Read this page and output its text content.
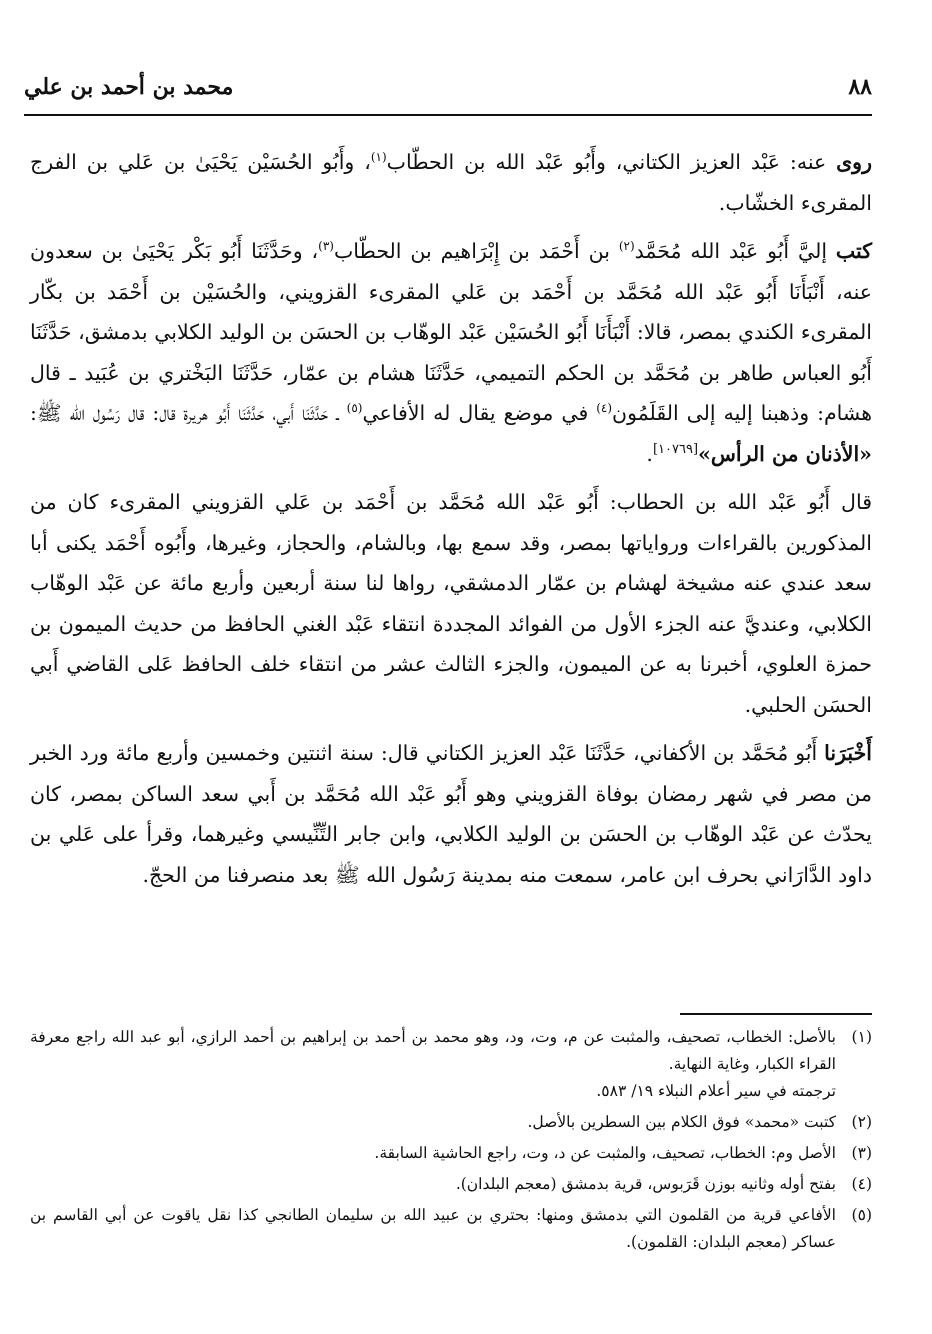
٨٨
محمد بن أحمد بن علي

روى عنه: عَبْد العزيز الكتاني، وأَبُو عَبْد الله بن الحطّاب$^{(١)}$، وأَبُو الحُسَيْن يَحْيَىٰ بن عَلي بن الفرج المقرىء الخشّاب.

كتب إليَّ أَبُو عَبْد الله مُحَمَّد$^{(٢)}$ بن أَحْمَد بن إِبْرَاهيم بن الحطّاب$^{(٣)}$، وحَدَّثَنَا أَبُو بَكْر يَحْيَىٰ بن سعدون عنه، أَنْبَأَنَا أَبُو عَبْد الله مُحَمَّد بن أَحْمَد بن عَلي المقرىء القزويني، والحُسَيْن بن أَحْمَد بن بكّار المقرىء الكندي بمصر، قالا: أَنْبَأَنَا أَبُو الحُسَيْن عَبْد الوهّاب بن الحسَن بن الوليد الكلابي بدمشق، حَدَّثَنَا أَبُو العباس طاهر بن مُحَمَّد بن الحكم التميمي، حَدَّثَنَا هشام بن عمّار، حَدَّثَنَا البَخْتري بن عُبَيد ـ قال هشام: وذهبنا إليه إلى القَلَمُون$^{(٤)}$ في موضع يقال له الأفاعي$^{(٥)}$ ـ حَدَّثَنَا أَبي، حَدَّثَنَا أَبُو هريرة قال: قال رَسُول الله ﷺ: «الأذنان من الرأس»[١٠٧٦٩].

قال أَبُو عَبْد الله بن الحطاب: أَبُو عَبْد الله مُحَمَّد بن أَحْمَد بن عَلي القزويني المقرىء كان من المذكورين بالقراءات ورواياتها بمصر، وقد سمع بها، وبالشام، والحجاز، وغيرها، وأَبُوه أَحْمَد يكنى أبا سعد عندي عنه مشيخة لهشام بن عمّار الدمشقي، رواها لنا سنة أربعين وأربع مائة عن عَبْد الوهّاب الكلابي، وعنديَّ عنه الجزء الأول من الفوائد المجددة انتقاء عَبْد الغني الحافظ من حديث الميمون بن حمزة العلوي، أخبرنا به عن الميمون، والجزء الثالث عشر من انتقاء خلف الحافظ عَلى القاضي أَبي الحسَن الحلبي.

أَخْبَرَنا أَبُو مُحَمَّد بن الأكفاني، حَدَّثَنَا عَبْد العزيز الكتاني قال: سنة اثنتين وخمسين وأربع مائة ورد الخبر من مصر في شهر رمضان بوفاة القزويني وهو أَبُو عَبْد الله مُحَمَّد بن أَبي سعد الساكن بمصر، كان يحدّث عن عَبْد الوهّاب بن الحسَن بن الوليد الكلابي، وابن جابر التِّنِّيسي وغيرهما، وقرأ على عَلي بن داود الدَّارَاني بحرف ابن عامر، سمعت منه بمدينة رَسُول الله ﷺ بعد منصرفنا من الحجّ.

(١)
بالأصل: الخطاب، تصحيف، والمثبت عن م، وت، ود، وهو محمد بن أحمد بن إبراهيم بن أحمد الرازي، أبو عبد الله راجع معرفة القراء الكبار، وغاية النهاية.
ترجمته في سير أعلام النبلاء ١٩/ ٥٨٣.
(٢)
كتبت «محمد» فوق الكلام بين السطرين بالأصل.
(٣)
الأصل وم: الخطاب، تصحيف، والمثبت عن د، وت، راجع الحاشية السابقة.
(٤)
بفتح أوله وثانيه بوزن قَرَبوس، قرية بدمشق (معجم البلدان).
(٥)
الأفاعي قرية من القلمون التي بدمشق ومنها: بحتري بن عبيد الله بن سليمان الطانجي كذا نقل ياقوت عن أبي القاسم بن عساكر (معجم البلدان: القلمون).
